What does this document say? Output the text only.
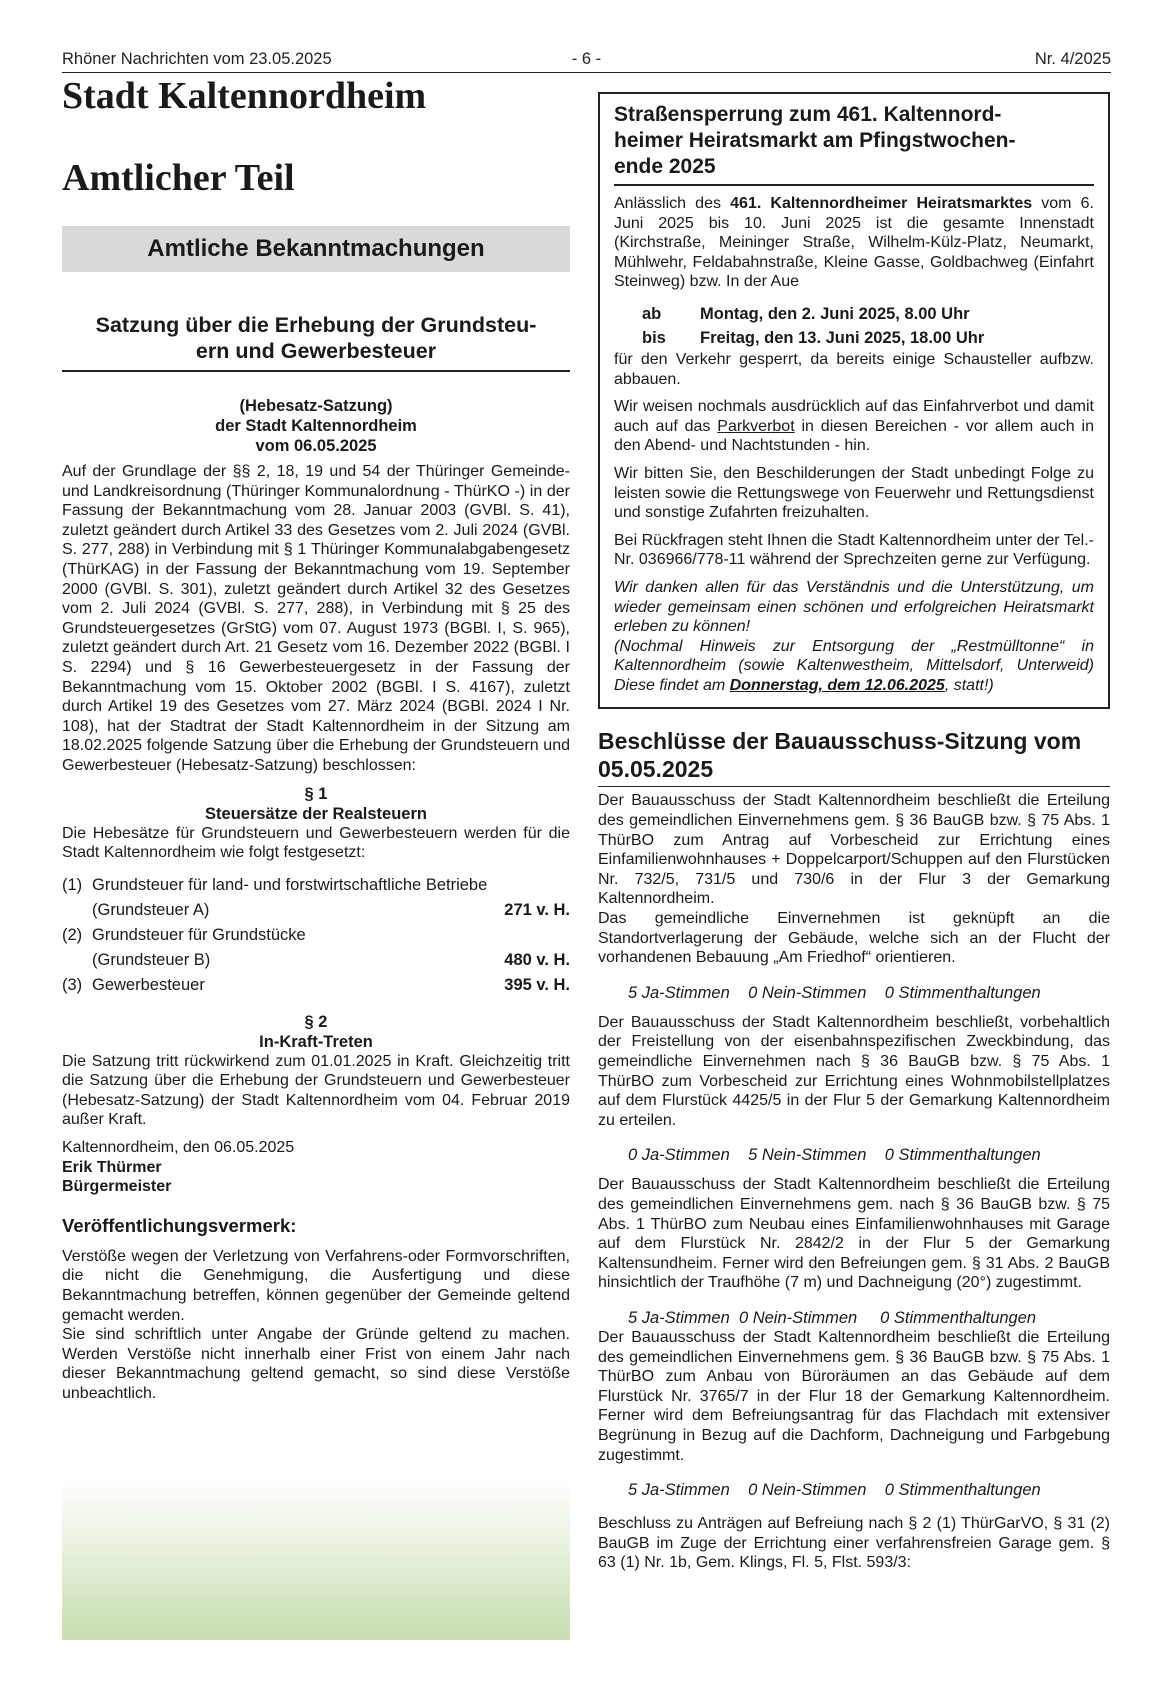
Rhöner Nachrichten vom 23.05.2025	- 6 -	Nr. 4/2025
Stadt Kaltennordheim
Amtlicher Teil
Amtliche Bekanntmachungen
Satzung über die Erhebung der Grundsteu-
ern und Gewerbesteuer
(Hebesatz-Satzung)
der Stadt Kaltennordheim
vom 06.05.2025

Auf der Grundlage der §§ 2, 18, 19 und 54 der Thüringer Gemeinde- und Landkreisordnung (Thüringer Kommunalordnung - ThürKO -) in der Fassung der Bekanntmachung vom 28. Januar 2003 (GVBl. S. 41), zuletzt geändert durch Artikel 33 des Gesetzes vom 2. Juli 2024 (GVBl. S. 277, 288) in Verbindung mit § 1 Thüringer Kommunalabgabengesetz (ThürKAG) in der Fassung der Bekanntmachung vom 19. September 2000 (GVBl. S. 301), zuletzt geändert durch Artikel 32 des Gesetzes vom 2. Juli 2024 (GVBl. S. 277, 288), in Verbindung mit § 25 des Grundsteuergesetzes (GrStG) vom 07. August 1973 (BGBl. I, S. 965), zuletzt geändert durch Art. 21 Gesetz vom 16. Dezember 2022 (BGBl. I S. 2294) und § 16 Gewerbesteuergesetz in der Fassung der Bekanntmachung vom 15. Oktober 2002 (BGBl. I S. 4167), zuletzt durch Artikel 19 des Gesetzes vom 27. März 2024 (BGBl. 2024 I Nr. 108), hat der Stadtrat der Stadt Kaltennordheim in der Sitzung am 18.02.2025 folgende Satzung über die Erhebung der Grundsteuern und Gewerbesteuer (Hebesatz-Satzung) beschlossen:

§ 1
Steuersätze der Realsteuern

Die Hebesätze für Grundsteuern und Gewerbesteuern werden für die Stadt Kaltennordheim wie folgt festgesetzt:

(1)	Grundsteuer für land- und forstwirtschaftliche Betriebe	
	(Grundsteuer A)	271 v. H.
(2)	Grundsteuer für Grundstücke	
	(Grundsteuer B)	480 v. H.
(3)	Gewerbesteuer	395 v. H.
§ 2
In-Kraft-Treten

Die Satzung tritt rückwirkend zum 01.01.2025 in Kraft. Gleichzeitig tritt die Satzung über die Erhebung der Grundsteuern und Gewerbesteuer (Hebesatz-Satzung) der Stadt Kaltennordheim vom 04. Februar 2019 außer Kraft.

Kaltennordheim, den 06.05.2025

Erik Thürmer

Bürgermeister

Veröffentlichungsvermerk:

Verstöße wegen der Verletzung von Verfahrens-oder Formvorschriften, die nicht die Genehmigung, die Ausfertigung und diese Bekanntmachung betreffen, können gegenüber der Gemeinde geltend gemacht werden.

Sie sind schriftlich unter Angabe der Gründe geltend zu machen. Werden Verstöße nicht innerhalb einer Frist von einem Jahr nach dieser Bekanntmachung geltend gemacht, so sind diese Verstöße unbeachtlich.

Straßensperrung zum 461. Kaltennord-
heimer Heiratsmarkt am Pfingstwochen-
ende 2025

Anlässlich des 461. Kaltennordheimer Heiratsmarktes vom 6. Juni 2025 bis 10. Juni 2025 ist die gesamte Innenstadt (Kirchstraße, Meininger Straße, Wilhelm-Külz-Platz, Neumarkt, Mühlwehr, Feldabahnstraße, Kleine Gasse, Goldbachweg (Einfahrt Steinweg) bzw. In der Aue

ab	Montag, den 2. Juni 2025, 8.00 Uhr
bis	Freitag, den 13. Juni 2025, 18.00 Uhr

für den Verkehr gesperrt, da bereits einige Schausteller aufbzw. abbauen.

Wir weisen nochmals ausdrücklich auf das Einfahrverbot und damit auch auf das Parkverbot in diesen Bereichen - vor allem auch in den Abend- und Nachtstunden - hin.

Wir bitten Sie, den Beschilderungen der Stadt unbedingt Folge zu leisten sowie die Rettungswege von Feuerwehr und Rettungsdienst und sonstige Zufahrten freizuhalten.

Bei Rückfragen steht Ihnen die Stadt Kaltennordheim unter der Tel.-Nr. 036966/778-11 während der Sprechzeiten gerne zur Verfügung.

Wir danken allen für das Verständnis und die Unterstützung, um wieder gemeinsam einen schönen und erfolgreichen Heiratsmarkt erleben zu können!

(Nochmal Hinweis zur Entsorgung der „Restmülltonne“ in Kaltennordheim (sowie Kaltenwestheim, Mittelsdorf, Unterweid) Diese findet am Donnerstag, dem 12.06.2025, statt!)

Beschlüsse der Bauausschuss-Sitzung vom
05.05.2025

Der Bauausschuss der Stadt Kaltennordheim beschließt die Erteilung des gemeindlichen Einvernehmens gem. § 36 BauGB bzw. § 75 Abs. 1 ThürBO zum Antrag auf Vorbescheid zur Errichtung eines Einfamilienwohnhauses + Doppelcarport/Schuppen auf den Flurstücken Nr. 732/5, 731/5 und 730/6 in der Flur 3 der Gemarkung Kaltennordheim.

Das gemeindliche Einvernehmen ist geknüpft an die Standortverlagerung der Gebäude, welche sich an der Flucht der vorhandenen Bebauung „Am Friedhof“ orientieren.

5 Ja-Stimmen    0 Nein-Stimmen    0 Stimmenthaltungen

Der Bauausschuss der Stadt Kaltennordheim beschließt, vorbehaltlich der Freistellung von der eisenbahnspezifischen Zweckbindung, das gemeindliche Einvernehmen nach § 36 BauGB bzw. § 75 Abs. 1 ThürBO zum Vorbescheid zur Errichtung eines Wohnmobilstellplatzes auf dem Flurstück 4425/5 in der Flur 5 der Gemarkung Kaltennordheim zu erteilen.

0 Ja-Stimmen    5 Nein-Stimmen    0 Stimmenthaltungen

Der Bauausschuss der Stadt Kaltennordheim beschließt die Erteilung des gemeindlichen Einvernehmens gem. nach § 36 BauGB bzw. § 75 Abs. 1 ThürBO zum Neubau eines Einfamilienwohnhauses mit Garage auf dem Flurstück Nr. 2842/2 in der Flur 5 der Gemarkung Kaltensundheim. Ferner wird den Befreiungen gem. § 31 Abs. 2 BauGB hinsichtlich der Traufhöhe (7 m) und Dachneigung (20°) zugestimmt.

5 Ja-Stimmen  0 Nein-Stimmen     0 Stimmenthaltungen

Der Bauausschuss der Stadt Kaltennordheim beschließt die Erteilung des gemeindlichen Einvernehmens gem. § 36 BauGB bzw. § 75 Abs. 1 ThürBO zum Anbau von Büroräumen an das Gebäude auf dem Flurstück Nr. 3765/7 in der Flur 18 der Gemarkung Kaltennordheim. Ferner wird dem Befreiungsantrag für das Flachdach mit extensiver Begrünung in Bezug auf die Dachform, Dachneigung und Farbgebung zugestimmt.

5 Ja-Stimmen    0 Nein-Stimmen    0 Stimmenthaltungen

Beschluss zu Anträgen auf Befreiung nach § 2 (1) ThürGarVO, § 31 (2) BauGB im Zuge der Errichtung einer verfahrensfreien Garage gem. § 63 (1) Nr. 1b, Gem. Klings, Fl. 5, Flst. 593/3:
